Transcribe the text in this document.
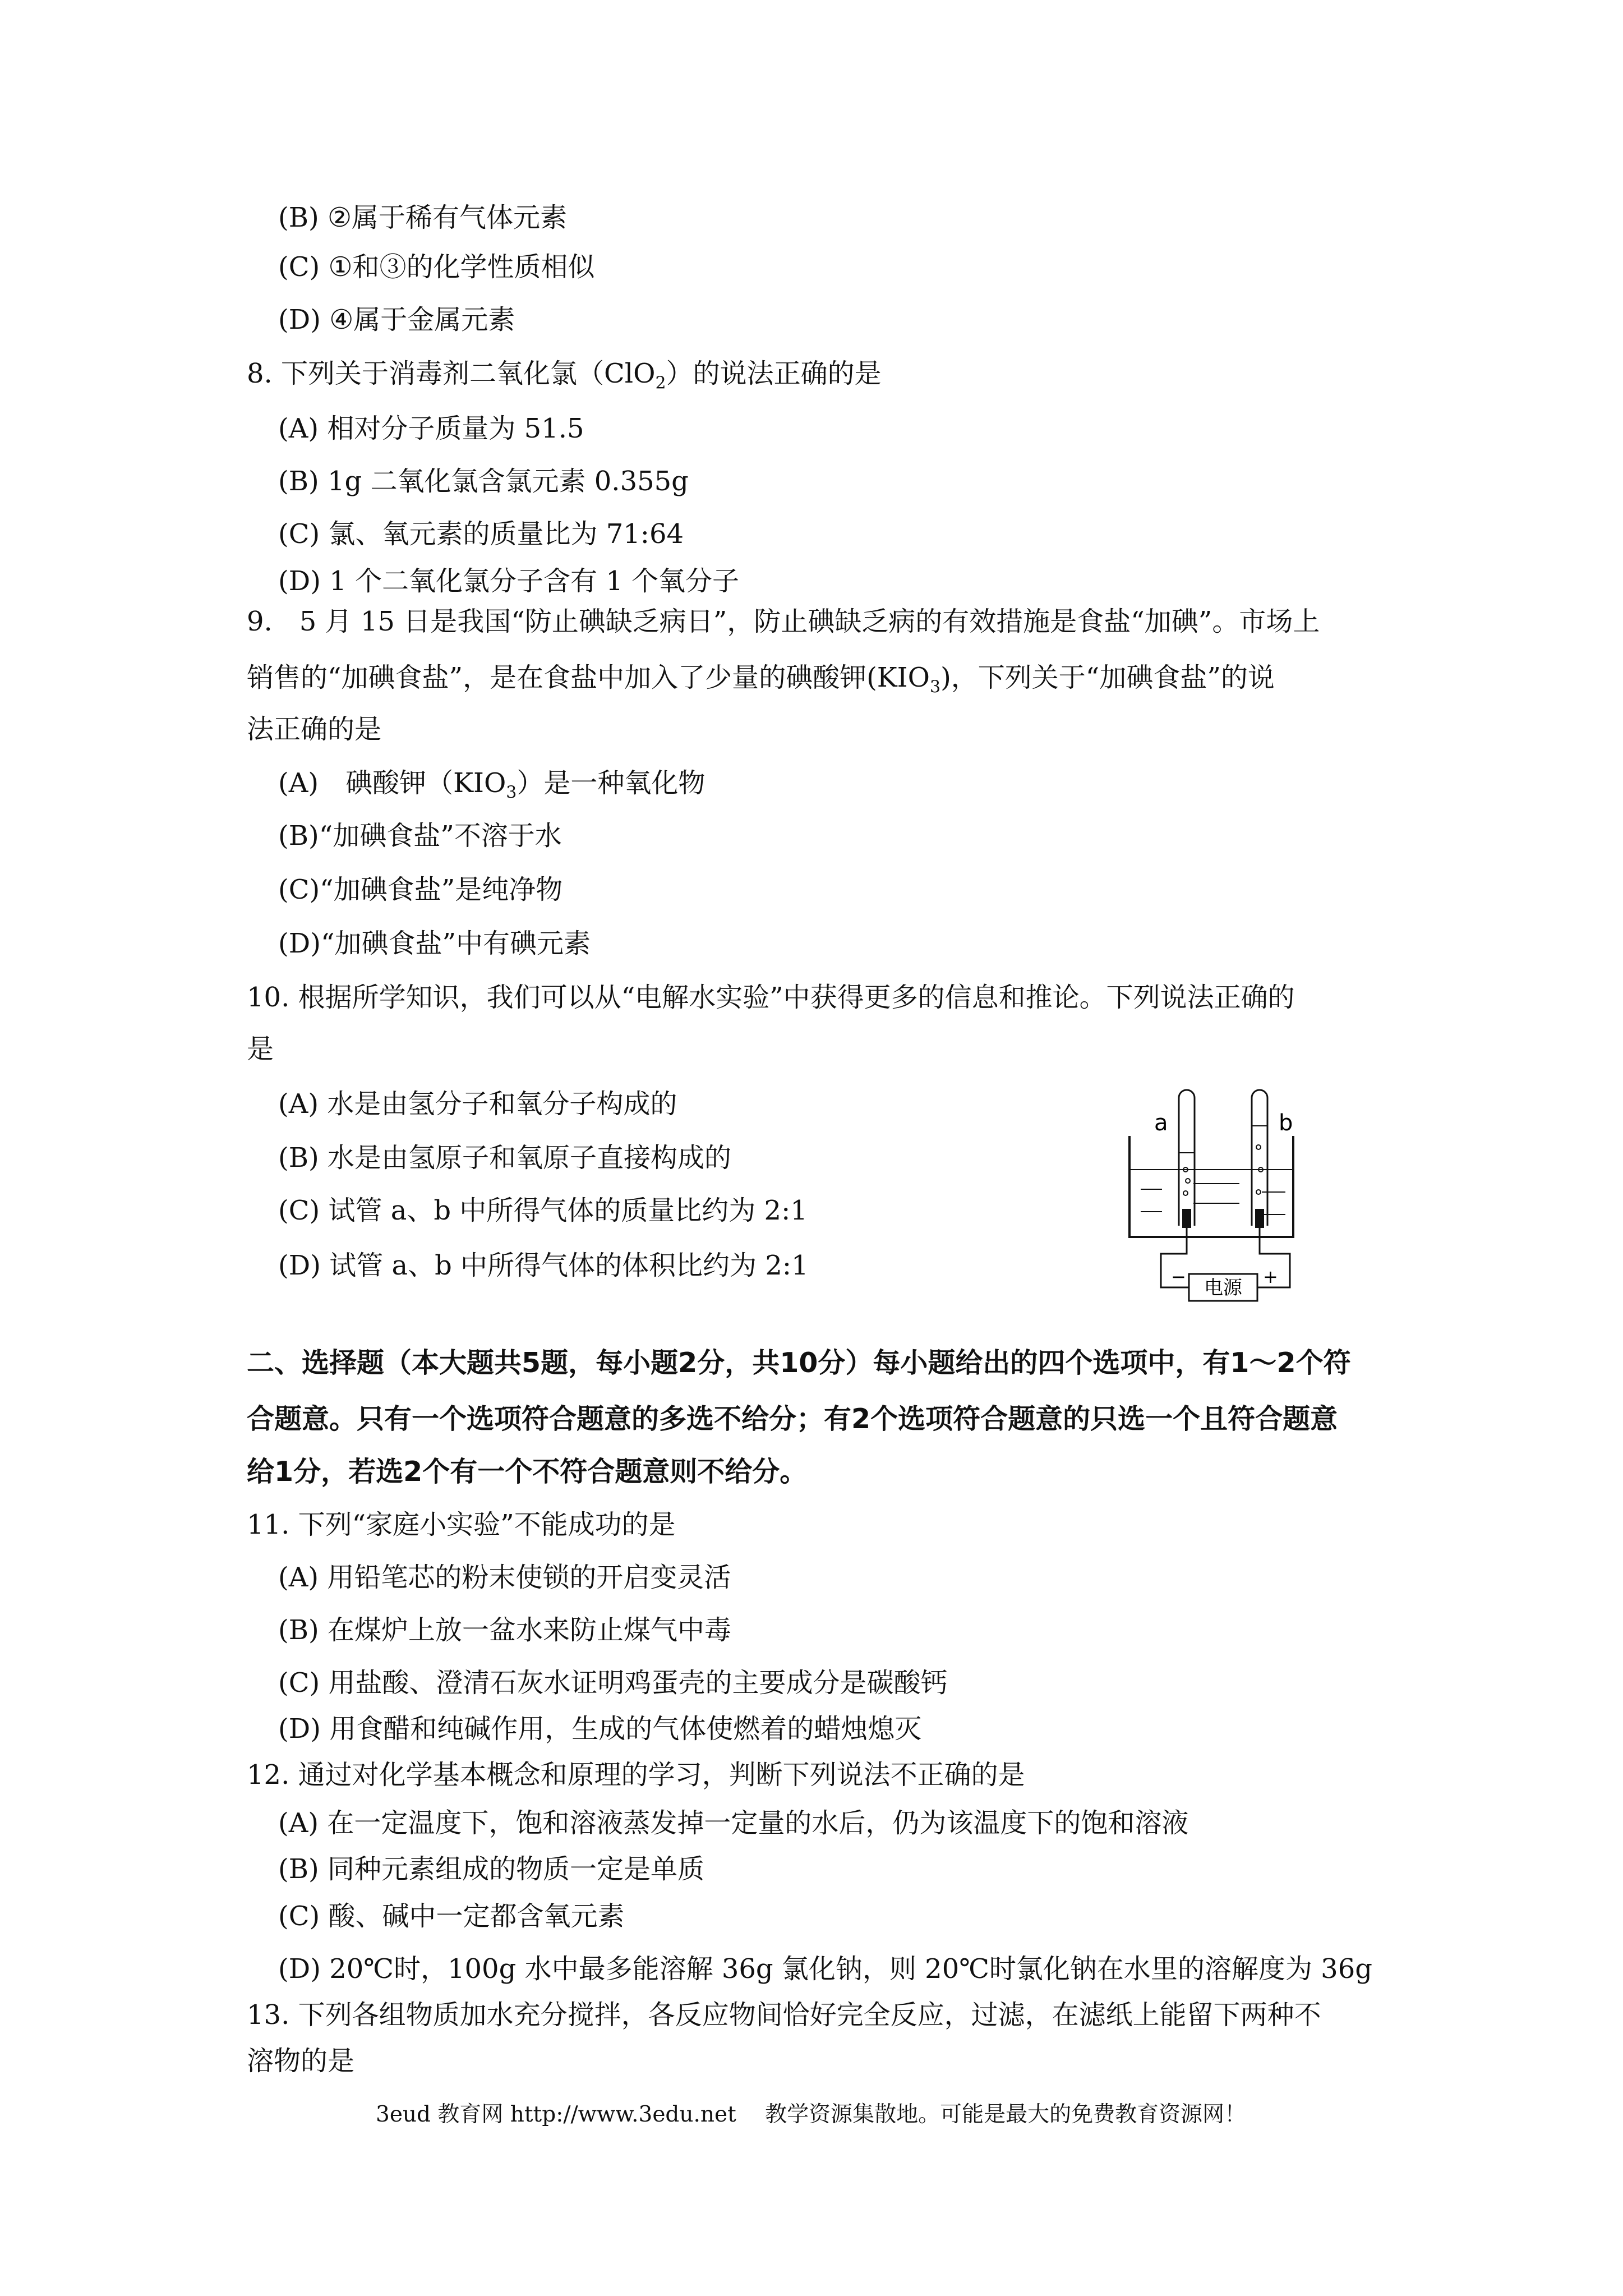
(B) ②属于稀有气体元素
(C) ①和③的化学性质相似
(D) ④属于金属元素
8. 下列关于消毒剂二氧化氯（ClO$_2$）的说法正确的是
(A) 相对分子质量为 51.5
(B) 1g 二氧化氯含氯元素 0.355g
(C) 氯、氧元素的质量比为 71:64
(D) 1 个二氧化氯分子含有 1 个氧分子
9.　5 月 15 日是我国“防止碘缺乏病日”，防止碘缺乏病的有效措施是食盐“加碘”。市场上
销售的“加碘食盐”，是在食盐中加入了少量的碘酸钾$(KIO_3)$，下列关于“加碘食盐”的说
法正确的是
(A)　碘酸钾$(KIO_3)$是一种氧化物
(B)“加碘食盐”不溶于水
(C)“加碘食盐”是纯净物
(D)“加碘食盐”中有碘元素
10. 根据所学知识，我们可以从“电解水实验”中获得更多的信息和推论。下列说法正确的
是
(A) 水是由氢分子和氧分子构成的
(B) 水是由氢原子和氧原子直接构成的
(C) 试管 a、b 中所得气体的质量比约为 2:1
(D) 试管 a、b 中所得气体的体积比约为 2:1
a	b
电源
−	+
二、选择题（本大题共5题，每小题2分，共10分）每小题给出的四个选项中，有1～2个符
合题意。只有一个选项符合题意的多选不给分；有2个选项符合题意的只选一个且符合题意
给1分，若选2个有一个不符合题意则不给分。
11. 下列“家庭小实验”不能成功的是
(A) 用铅笔芯的粉末使锁的开启变灵活
(B) 在煤炉上放一盆水来防止煤气中毒
(C) 用盐酸、澄清石灰水证明鸡蛋壳的主要成分是碳酸钙
(D) 用食醋和纯碱作用，生成的气体使燃着的蜡烛熄灭
12. 通过对化学基本概念和原理的学习，判断下列说法不正确的是
(A) 在一定温度下，饱和溶液蒸发掉一定量的水后，仍为该温度下的饱和溶液
(B) 同种元素组成的物质一定是单质
(C) 酸、碱中一定都含氧元素
(D) 20℃时，100g 水中最多能溶解 36g 氯化钠，则 20℃时氯化钠在水里的溶解度为 36g
13. 下列各组物质加水充分搅拌，各反应物间恰好完全反应，过滤，在滤纸上能留下两种不
溶物的是
3eud 教育网 http://www.3edu.net　 教学资源集散地。可能是最大的免费教育资源网！
